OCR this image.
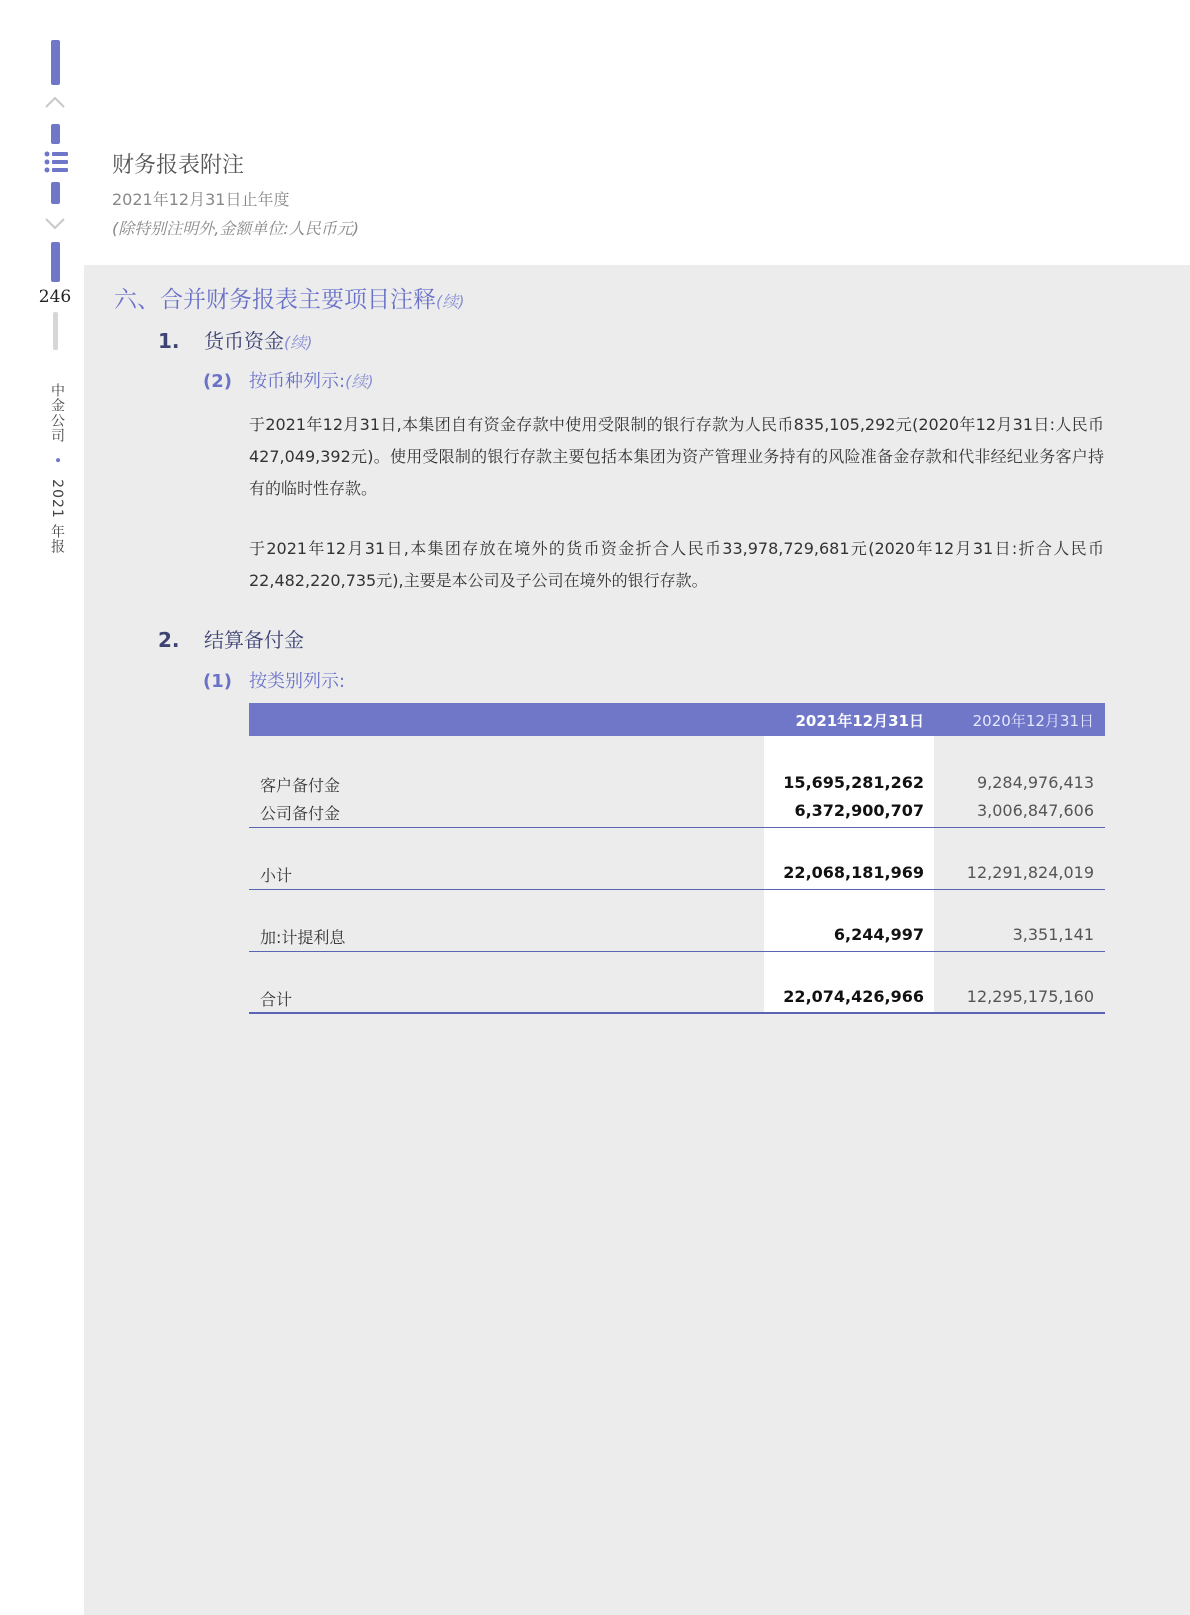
246
中金公司 • 2021 年报
财务报表附注
2021年12月31日止年度
(除特别注明外,金额单位:人民币元)
六、合并财务报表主要项目注释(续)
1. 货币资金(续)
(2) 按币种列示:(续)
于2021年12月31日,本集团自有资金存款中使用受限制的银行存款为人民币835,105,292元(2020年12月31日:人民币427,049,392元)。使用受限制的银行存款主要包括本集团为资产管理业务持有的风险准备金存款和代非经纪业务客户持有的临时性存款。
于2021年12月31日,本集团存放在境外的货币资金折合人民币33,978,729,681元(2020年12月31日:折合人民币22,482,220,735元),主要是本公司及子公司在境外的银行存款。
2. 结算备付金
(1) 按类别列示:
2021年12月31日	2020年12月31日
客户备付金	15,695,281,262	9,284,976,413
公司备付金	6,372,900,707	3,006,847,606
小计	22,068,181,969	12,291,824,019
加:计提利息	6,244,997	3,351,141
合计	22,074,426,966	12,295,175,160
